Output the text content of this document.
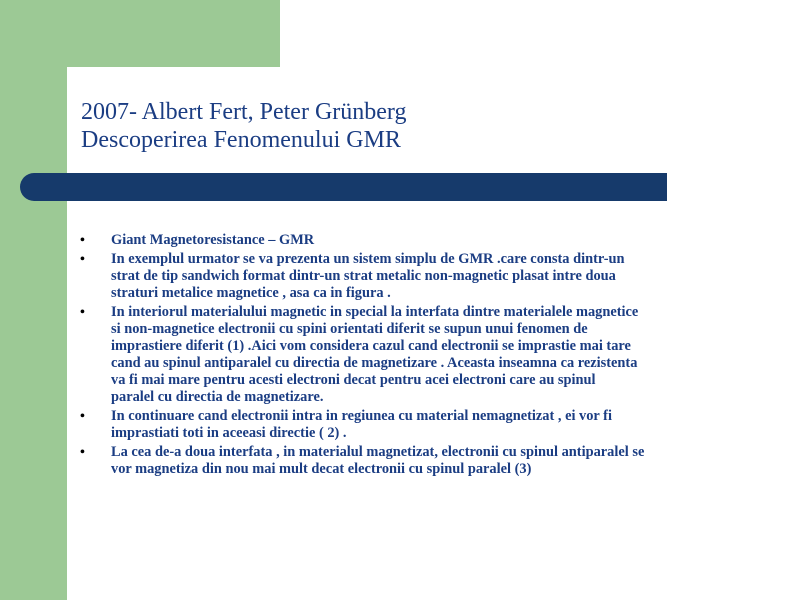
2007- Albert Fert, Peter Grünberg
Descoperirea Fenomenului GMR
• Giant Magnetoresistance – GMR
• In exemplul urmator se va prezenta un sistem simplu de GMR .care consta dintr-un
strat de tip sandwich format dintr-un strat metalic non-magnetic plasat intre doua
straturi metalice magnetice , asa ca in figura .
• In interiorul materialului magnetic in special la interfata dintre materialele magnetice
si non-magnetice electronii cu spini orientati diferit se supun unui fenomen de
imprastiere diferit (1) .Aici vom considera cazul cand electronii se imprastie mai tare
cand au spinul antiparalel cu directia de magnetizare . Aceasta inseamna ca rezistenta
va fi mai mare pentru acesti electroni decat pentru acei electroni care au spinul
paralel cu directia de magnetizare.
• In continuare cand electronii intra in regiunea cu material nemagnetizat , ei vor fi
imprastiati toti in aceeasi directie ( 2) .
• La cea de-a doua interfata , in materialul magnetizat, electronii cu spinul antiparalel se
vor magnetiza din nou mai mult decat electronii cu spinul paralel (3)
